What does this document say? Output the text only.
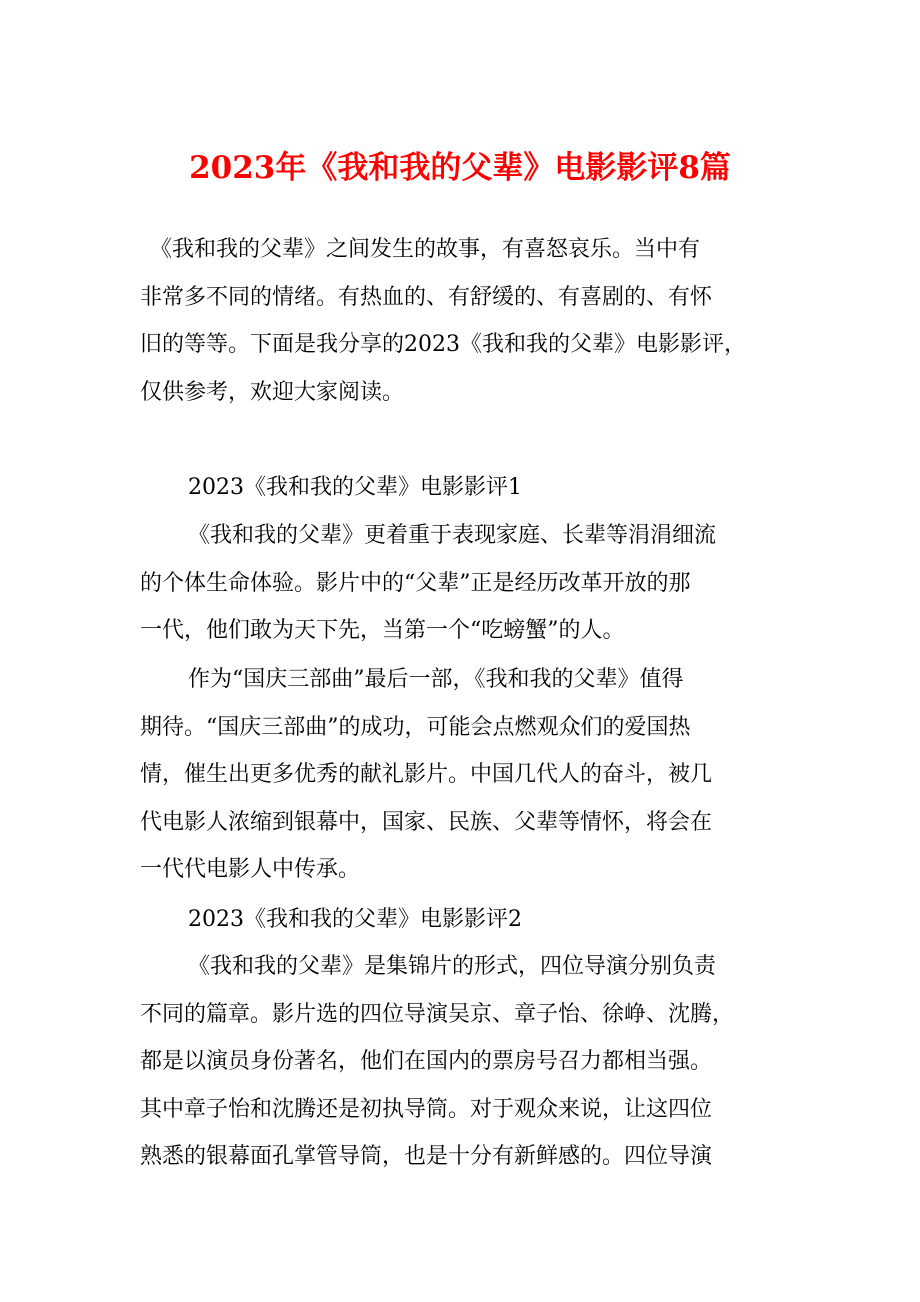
2023年《我和我的父辈》电影影评8篇
《我和我的父辈》之间发生的故事，有喜怒哀乐。当中有
非常多不同的情绪。有热血的、有舒缓的、有喜剧的、有怀
旧的等等。下面是我分享的2023《我和我的父辈》电影影评，
仅供参考，欢迎大家阅读。
2023《我和我的父辈》电影影评1
《我和我的父辈》更着重于表现家庭、长辈等涓涓细流
的个体生命体验。影片中的“父辈”正是经历改革开放的那
一代，他们敢为天下先，当第一个“吃螃蟹”的人。
作为“国庆三部曲”最后一部，《我和我的父辈》值得
期待。“国庆三部曲”的成功，可能会点燃观众们的爱国热
情，催生出更多优秀的献礼影片。中国几代人的奋斗，被几
代电影人浓缩到银幕中，国家、民族、父辈等情怀，将会在
一代代电影人中传承。
2023《我和我的父辈》电影影评2
《我和我的父辈》是集锦片的形式，四位导演分别负责
不同的篇章。影片选的四位导演吴京、章子怡、徐峥、沈腾，
都是以演员身份著名，他们在国内的票房号召力都相当强。
其中章子怡和沈腾还是初执导筒。对于观众来说，让这四位
熟悉的银幕面孔掌管导筒，也是十分有新鲜感的。四位导演
